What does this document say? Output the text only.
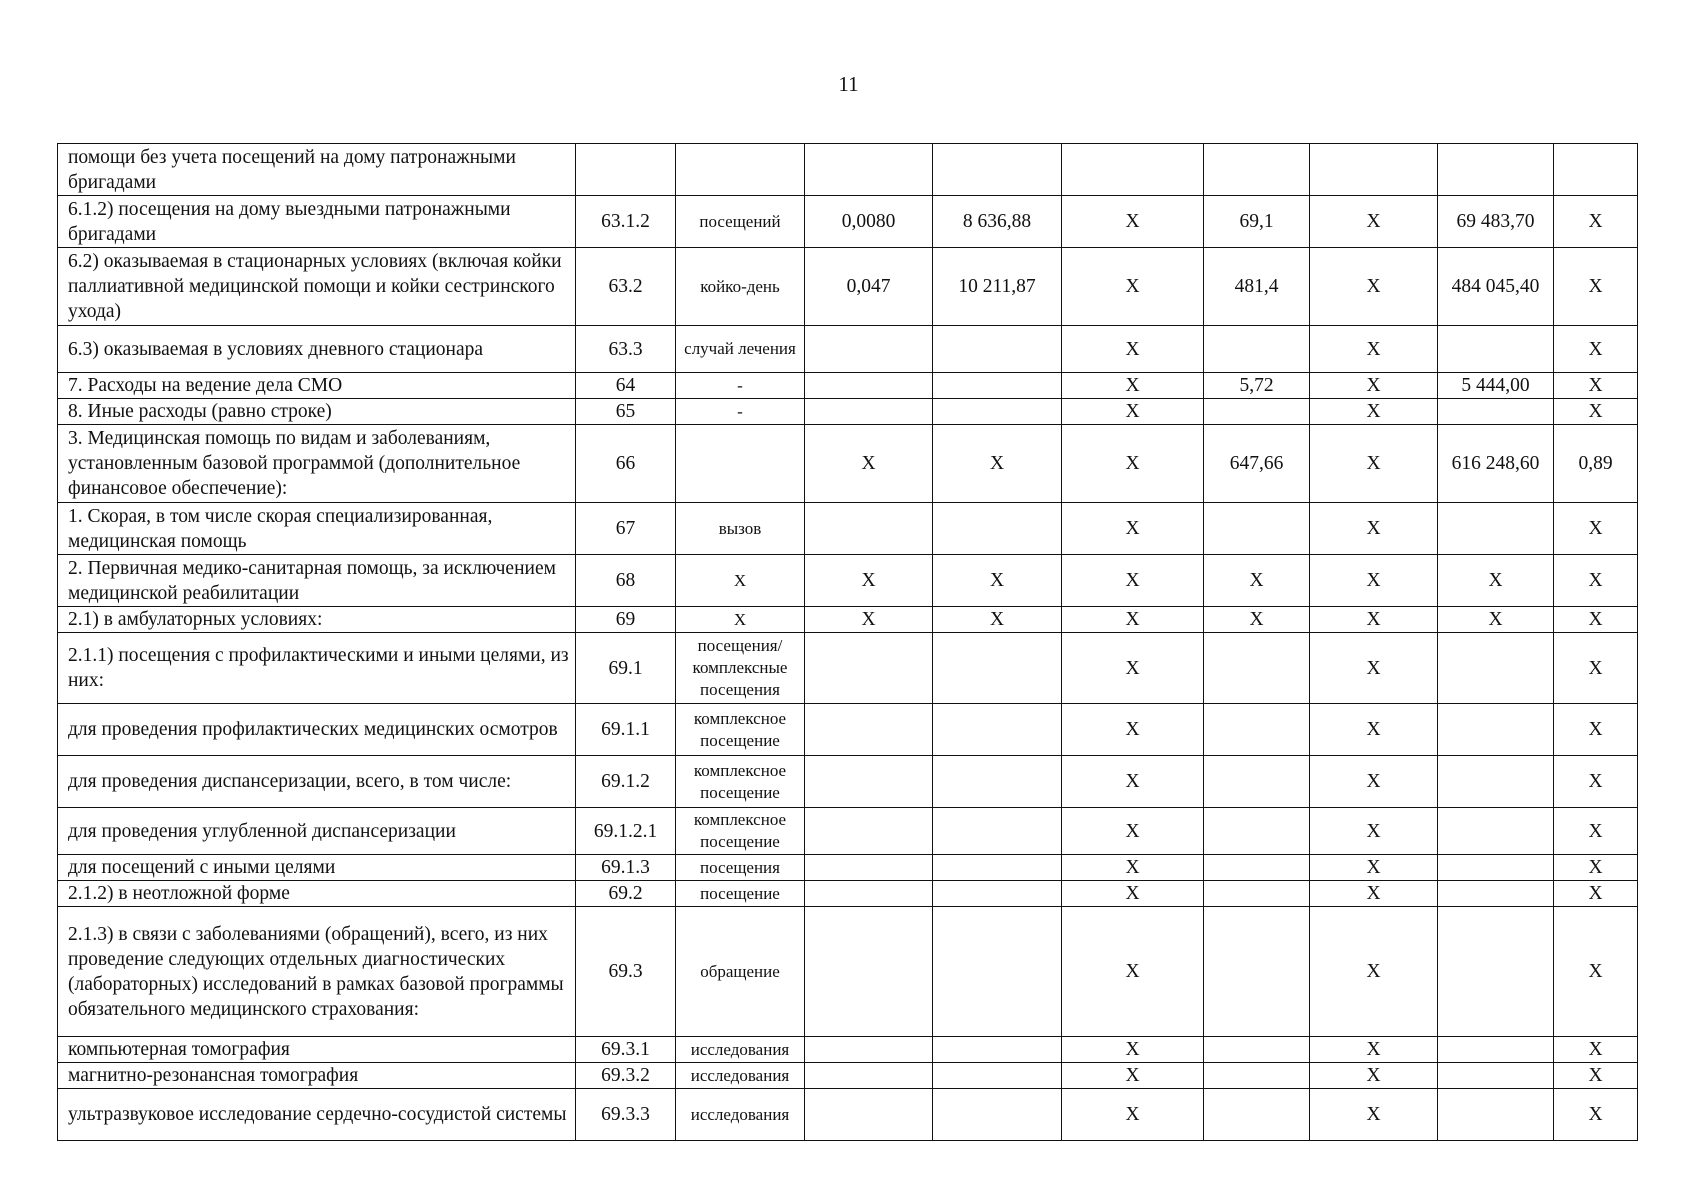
11
помощи без учета посещений на дому патронажными бригадами									
6.1.2) посещения на дому выездными патронажными бригадами	63.1.2	посещений	0,0080	8 636,88	Х	69,1	Х	69 483,70	Х
6.2) оказываемая в стационарных условиях (включая койки паллиативной медицинской помощи и койки сестринского ухода)	63.2	койко-день	0,047	10 211,87	Х	481,4	Х	484 045,40	Х
6.3) оказываемая в условиях дневного стационара	63.3	случай лечения			Х		Х		Х
7. Расходы на ведение дела СМО	64	-			Х	5,72	Х	5 444,00	Х
8. Иные расходы (равно строке)	65	-			Х		Х		Х
3. Медицинская помощь по видам и заболеваниям, установленным базовой программой (дополнительное финансовое обеспечение):	66		Х	Х	Х	647,66	Х	616 248,60	0,89
1. Скорая, в том числе скорая специализированная, медицинская помощь	67	вызов			Х		Х		Х
2. Первичная медико-санитарная помощь, за исключением медицинской реабилитации	68	Х	Х	Х	Х	Х	Х	Х	Х
2.1) в амбулаторных условиях:	69	Х	Х	Х	Х	Х	Х	Х	Х
2.1.1) посещения с профилактическими и иными целями, из них:	69.1	посещения/комплексные посещения			Х		Х		Х
для проведения профилактических медицинских осмотров	69.1.1	комплексное посещение			Х		Х		Х
для проведения диспансеризации, всего, в том числе:	69.1.2	комплексное посещение			Х		Х		Х
для проведения углубленной диспансеризации	69.1.2.1	комплексное посещение			Х		Х		Х
для посещений с иными целями	69.1.3	посещения			Х		Х		Х
2.1.2) в неотложной форме	69.2	посещение			Х		Х		Х
2.1.3) в связи с заболеваниями (обращений), всего, из них проведение следующих отдельных диагностических (лабораторных) исследований в рамках базовой программы обязательного медицинского страхования:	69.3	обращение			Х		Х		Х
компьютерная томография	69.3.1	исследования			Х		Х		Х
магнитно-резонансная томография	69.3.2	исследования			Х		Х		Х
ультразвуковое исследование сердечно-сосудистой системы	69.3.3	исследования			Х		Х		Х
